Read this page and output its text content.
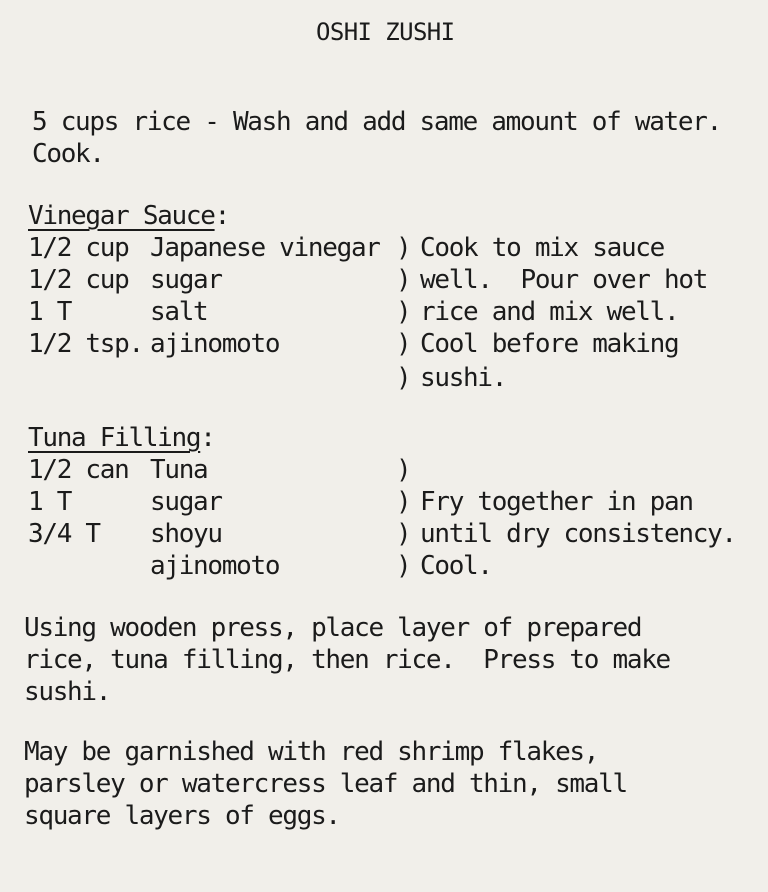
OSHI ZUSHI
5 cups rice - Wash and add same amount of water.
Cook.
Vinegar Sauce:
1/2 cup Japanese vinegar
1/2 cup sugar
1 T	salt
1/2 tsp. ajinomoto
)
)
)
)
)
Cook to mix sauce
well.  Pour over hot
rice and mix well.
Cool before making
sushi.
Tuna Filling:
1/2 can Tuna
1 T	sugar
3/4 T shoyu
ajinomoto
)
)
)
)
Fry together in pan
until dry consistency.
Cool.
Using wooden press, place layer of prepared
rice, tuna filling, then rice.  Press to make
sushi.
May be garnished with red shrimp flakes,
parsley or watercress leaf and thin, small
square layers of eggs.
